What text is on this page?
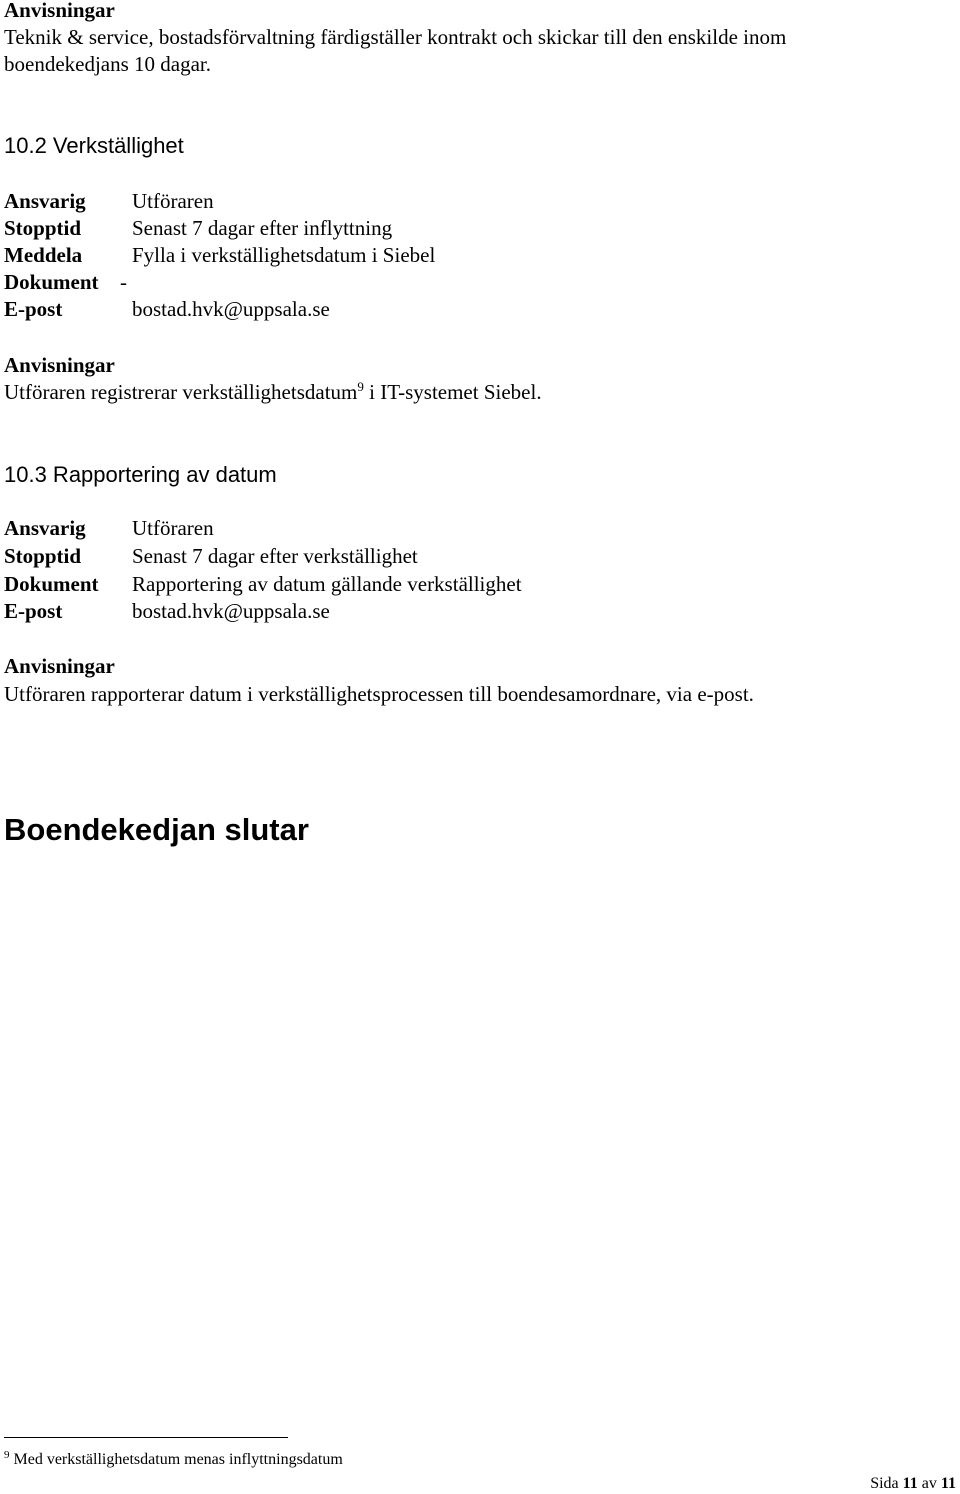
Anvisningar
Teknik & service, bostadsförvaltning färdigställer kontrakt och skickar till den enskilde inom
boendekedjans 10 dagar.
10.2 Verkställighet
Ansvarig Utföraren
Stopptid Senast 7 dagar efter inflyttning
Meddela Fylla i verkställighetsdatum i Siebel
Dokument -
E-post	bostad.hvk@uppsala.se
Anvisningar
Utföraren registrerar verkställighetsdatum$^9$ i IT-systemet Siebel.
10.3 Rapportering av datum
Ansvarig Utföraren
Stopptid Senast 7 dagar efter verkställighet
Dokument Rapportering av datum gällande verkställighet
E-post	bostad.hvk@uppsala.se
Anvisningar
Utföraren rapporterar datum i verkställighetsprocessen till boendesamordnare, via e-post.
Boendekedjan slutar
$^9$ Med verkställighetsdatum menas inflyttningsdatum
Sida 11 av 11
